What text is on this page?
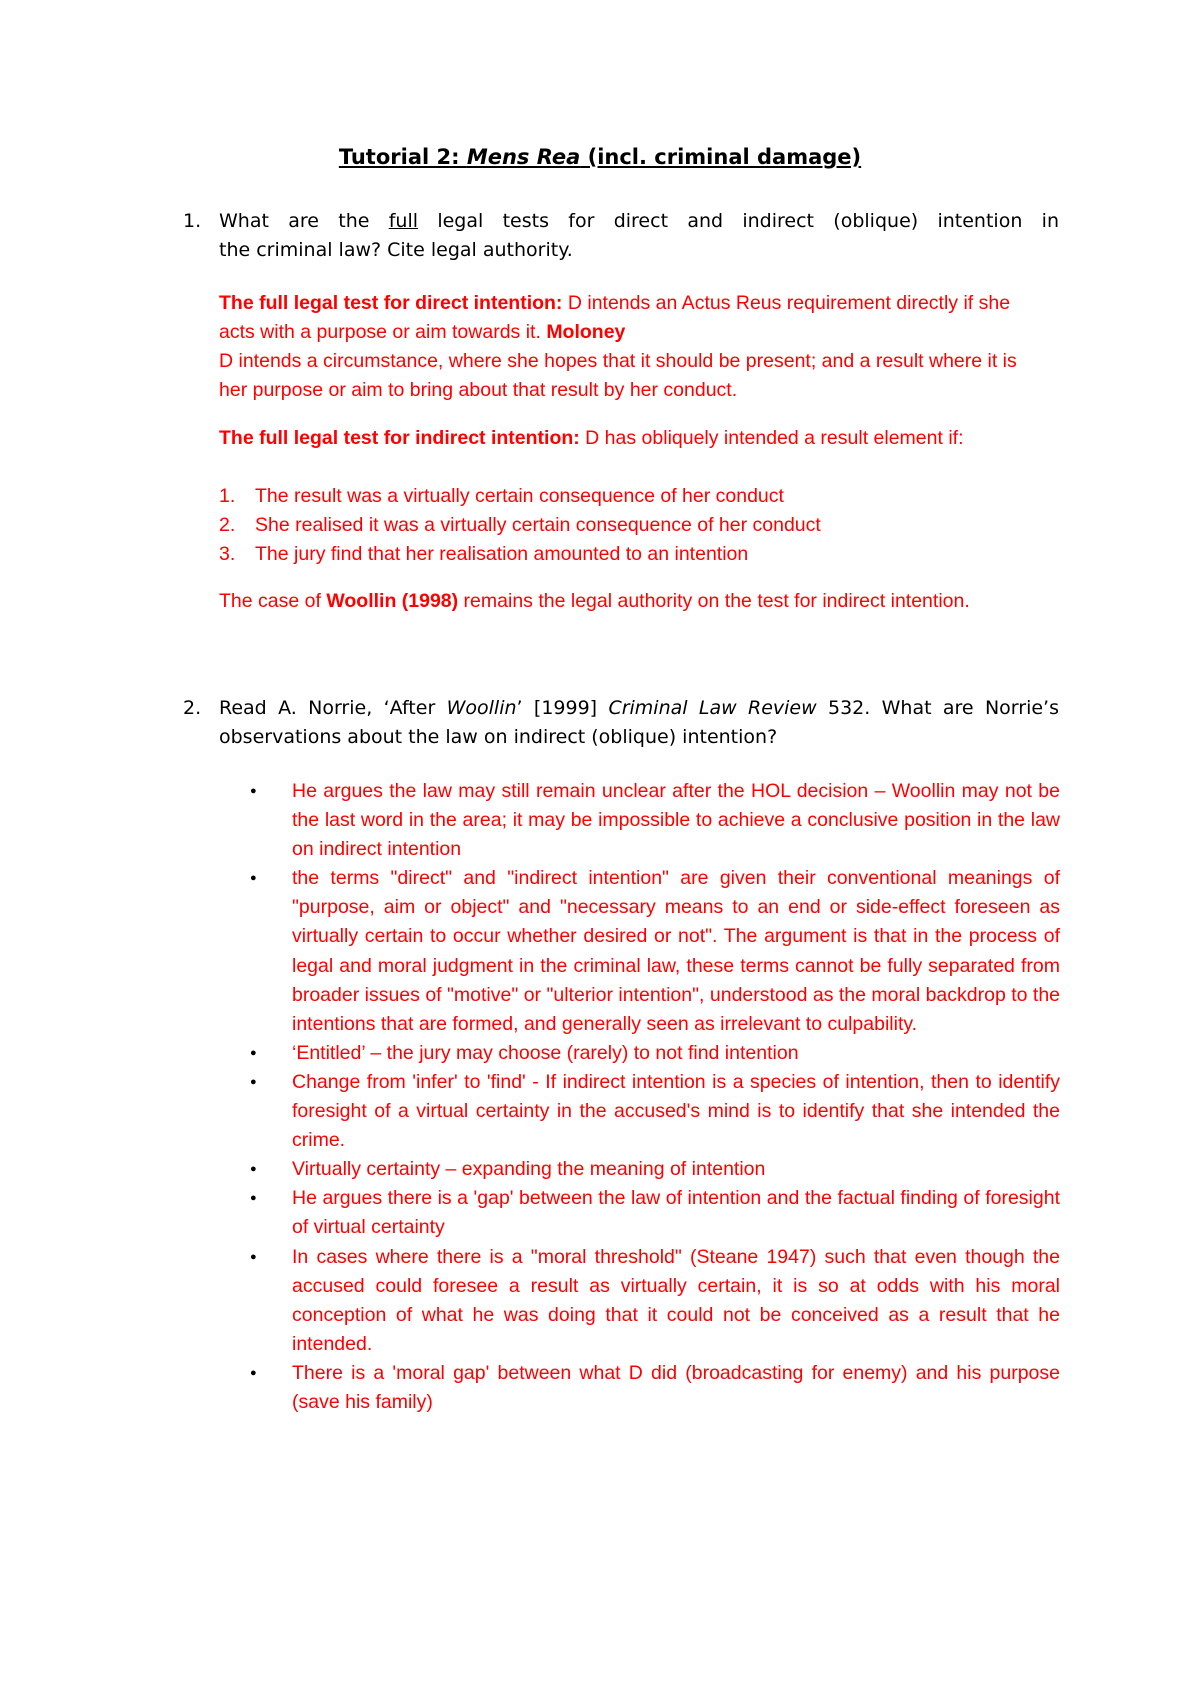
Tutorial 2: Mens Rea (incl. criminal damage)
1. What are the full legal tests for direct and indirect (oblique) intention in
the criminal law? Cite legal authority.
The full legal test for direct intention: D intends an Actus Reus requirement directly if she acts with a purpose or aim towards it. Moloney
D intends a circumstance, where she hopes that it should be present; and a result where it is her purpose or aim to bring about that result by her conduct.
The full legal test for indirect intention: D has obliquely intended a result element if:
1. The result was a virtually certain consequence of her conduct
2. She realised it was a virtually certain consequence of her conduct
3. The jury find that her realisation amounted to an intention
The case of Woollin (1998) remains the legal authority on the test for indirect intention.
2. Read A. Norrie, ‘After Woollin’ [1999] Criminal Law Review 532. What are Norrie’s observations about the law on indirect (oblique) intention?
●
He argues the law may still remain unclear after the HOL decision – Woollin may not be the last word in the area; it may be impossible to achieve a conclusive position in the law on indirect intention
●
the terms "direct" and "indirect intention" are given their conventional meanings of "purpose, aim or object" and "necessary means to an end or side-effect foreseen as virtually certain to occur whether desired or not". The argument is that in the process of legal and moral judgment in the criminal law, these terms cannot be fully separated from broader issues of "motive" or "ulterior intention", understood as the moral backdrop to the intentions that are formed, and generally seen as irrelevant to culpability.
●
‘Entitled’ – the jury may choose (rarely) to not find intention
●
Change from 'infer' to 'find' - If indirect intention is a species of intention, then to identify foresight of a virtual certainty in the accused's mind is to identify that she intended the crime.
●
Virtually certainty – expanding the meaning of intention
●
He argues there is a 'gap' between the law of intention and the factual finding of foresight of virtual certainty
●
In cases where there is a "moral threshold" (Steane 1947) such that even though the accused could foresee a result as virtually certain, it is so at odds with his moral conception of what he was doing that it could not be conceived as a result that he intended.
●
There is a 'moral gap' between what D did (broadcasting for enemy) and his purpose (save his family)
